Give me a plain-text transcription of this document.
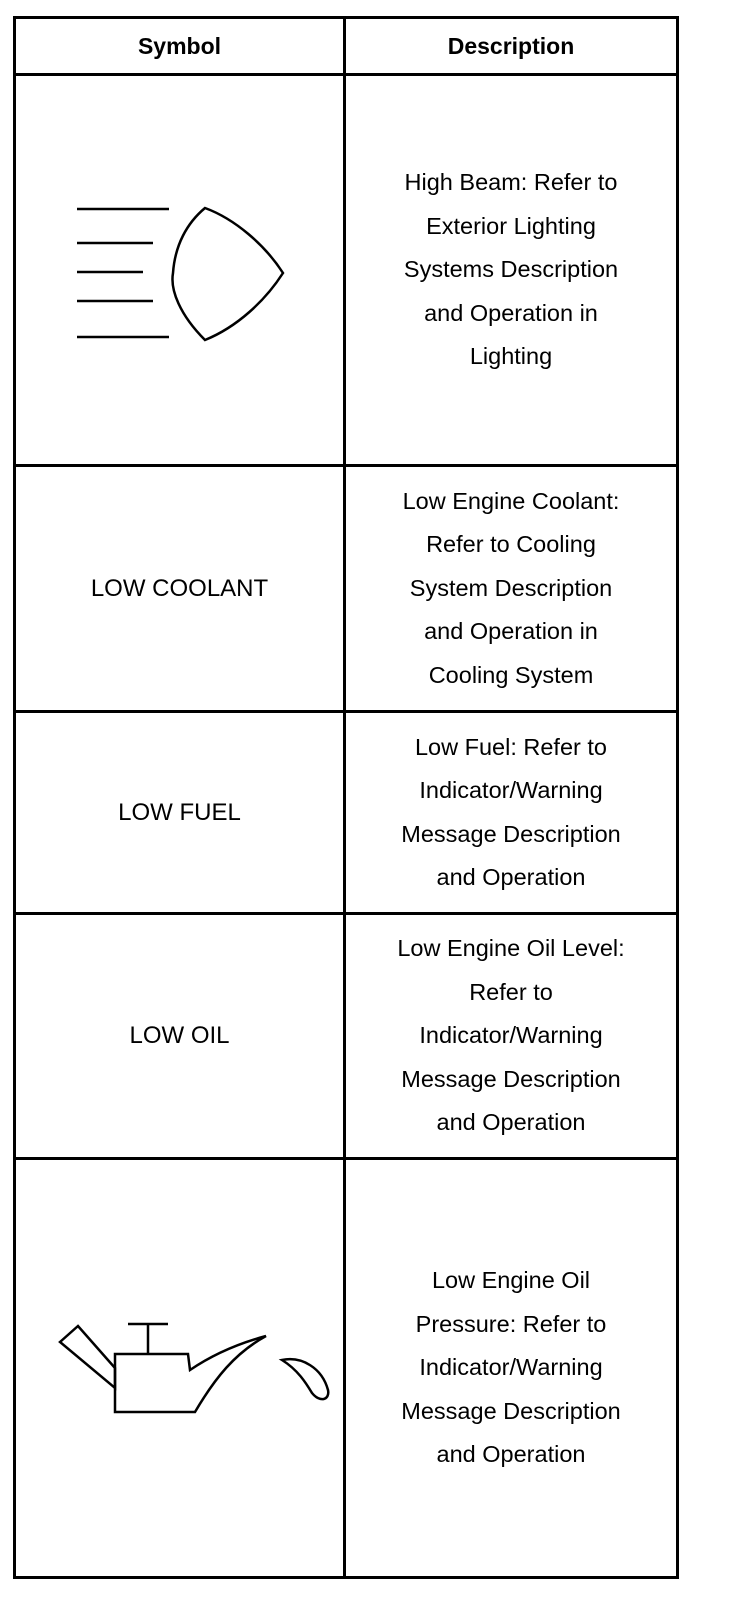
Symbol	Description
High Beam: Refer to
Exterior Lighting
Systems Description
and Operation in
Lighting
LOW COOLANT
Low Engine Coolant:
Refer to Cooling
System Description
and Operation in
Cooling System
LOW FUEL
Low Fuel: Refer to
Indicator/Warning
Message Description
and Operation
LOW OIL
Low Engine Oil Level:
Refer to
Indicator/Warning
Message Description
and Operation
Low Engine Oil
Pressure: Refer to
Indicator/Warning
Message Description
and Operation
